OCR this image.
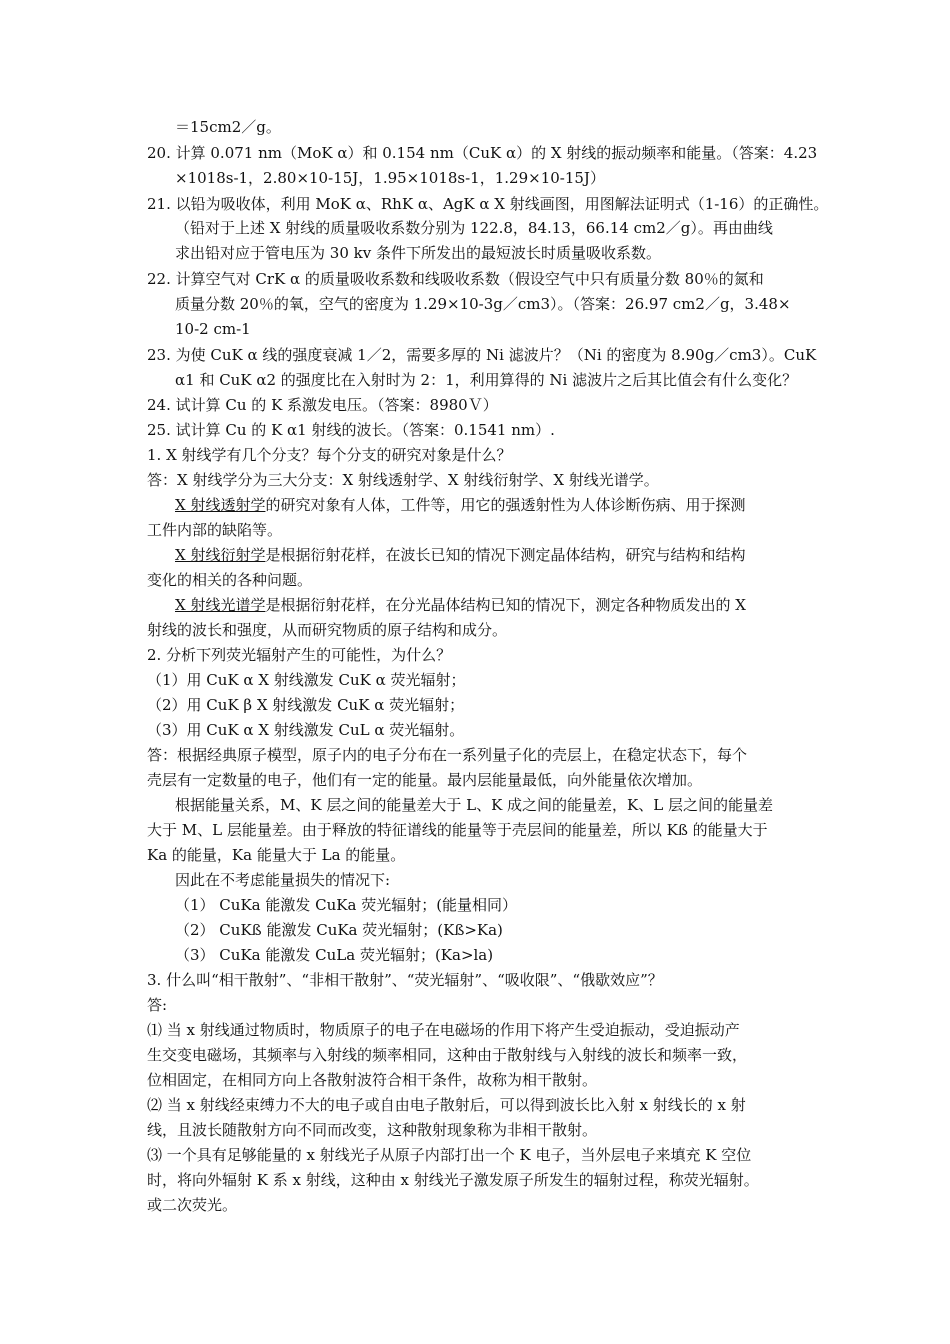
＝15cm2／g。
20. 计算 0.071 nm（MoK α）和 0.154 nm（CuK α）的 X 射线的振动频率和能量。（答案：4.23
×1018s-1，2.80×10-15J，1.95×1018s-1，1.29×10-15J）
21. 以铅为吸收体，利用 MoK α、RhK α、AgK α X 射线画图，用图解法证明式（1-16）的正确性。
（铅对于上述 X 射线的质量吸收系数分别为 122.8，84.13，66.14 cm2／g）。再由曲线
求出铅对应于管电压为 30 kv 条件下所发出的最短波长时质量吸收系数。
22. 计算空气对 CrK α 的质量吸收系数和线吸收系数（假设空气中只有质量分数 80％的氮和
质量分数 20％的氧，空气的密度为 1.29×10-3g／cm3）。（答案：26.97 cm2／g，3.48×
10-2 cm-1
23. 为使 CuK α 线的强度衰减 1／2，需要多厚的 Ni 滤波片？（Ni 的密度为 8.90g／cm3）。CuK
α1 和 CuK α2 的强度比在入射时为 2：1，利用算得的 Ni 滤波片之后其比值会有什么变化？
24. 试计算 Cu 的 K 系激发电压。（答案：8980Ｖ）
25. 试计算 Cu 的 K α1 射线的波长。（答案：0.1541 nm）.
1. X 射线学有几个分支？每个分支的研究对象是什么？
答：X 射线学分为三大分支：X 射线透射学、X 射线衍射学、X 射线光谱学。
X 射线透射学的研究对象有人体，工件等，用它的强透射性为人体诊断伤病、用于探测
工件内部的缺陷等。
X 射线衍射学是根据衍射花样，在波长已知的情况下测定晶体结构，研究与结构和结构
变化的相关的各种问题。
X 射线光谱学是根据衍射花样，在分光晶体结构已知的情况下，测定各种物质发出的 X
射线的波长和强度，从而研究物质的原子结构和成分。
2. 分析下列荧光辐射产生的可能性，为什么？
（1）用 CuK α X 射线激发 CuK α 荧光辐射；
（2）用 CuK β X 射线激发 CuK α 荧光辐射；
（3）用 CuK α X 射线激发 CuL α 荧光辐射。
答：根据经典原子模型，原子内的电子分布在一系列量子化的壳层上，在稳定状态下，每个
壳层有一定数量的电子，他们有一定的能量。最内层能量最低，向外能量依次增加。
根据能量关系，M、K 层之间的能量差大于 L、K 成之间的能量差，K、L 层之间的能量差
大于 M、L 层能量差。由于释放的特征谱线的能量等于壳层间的能量差，所以 Kß 的能量大于
Ka 的能量，Ka 能量大于 La 的能量。
因此在不考虑能量损失的情况下:
（1） CuKa 能激发 CuKa 荧光辐射；(能量相同）
（2） CuKß 能激发 CuKa 荧光辐射；(Kß>Ka)
（3） CuKa 能激发 CuLa 荧光辐射；(Ka>la)
3. 什么叫“相干散射”、“非相干散射”、“荧光辐射”、“吸收限”、“俄歇效应”？
答:
⑴ 当 x 射线通过物质时，物质原子的电子在电磁场的作用下将产生受迫振动，受迫振动产
生交变电磁场，其频率与入射线的频率相同，这种由于散射线与入射线的波长和频率一致，
位相固定，在相同方向上各散射波符合相干条件，故称为相干散射。
⑵ 当 x 射线经束缚力不大的电子或自由电子散射后，可以得到波长比入射 x 射线长的 x 射
线，且波长随散射方向不同而改变，这种散射现象称为非相干散射。
⑶ 一个具有足够能量的 x 射线光子从原子内部打出一个 K 电子，当外层电子来填充 K 空位
时，将向外辐射 K 系 x 射线，这种由 x 射线光子激发原子所发生的辐射过程，称荧光辐射。
或二次荧光。
